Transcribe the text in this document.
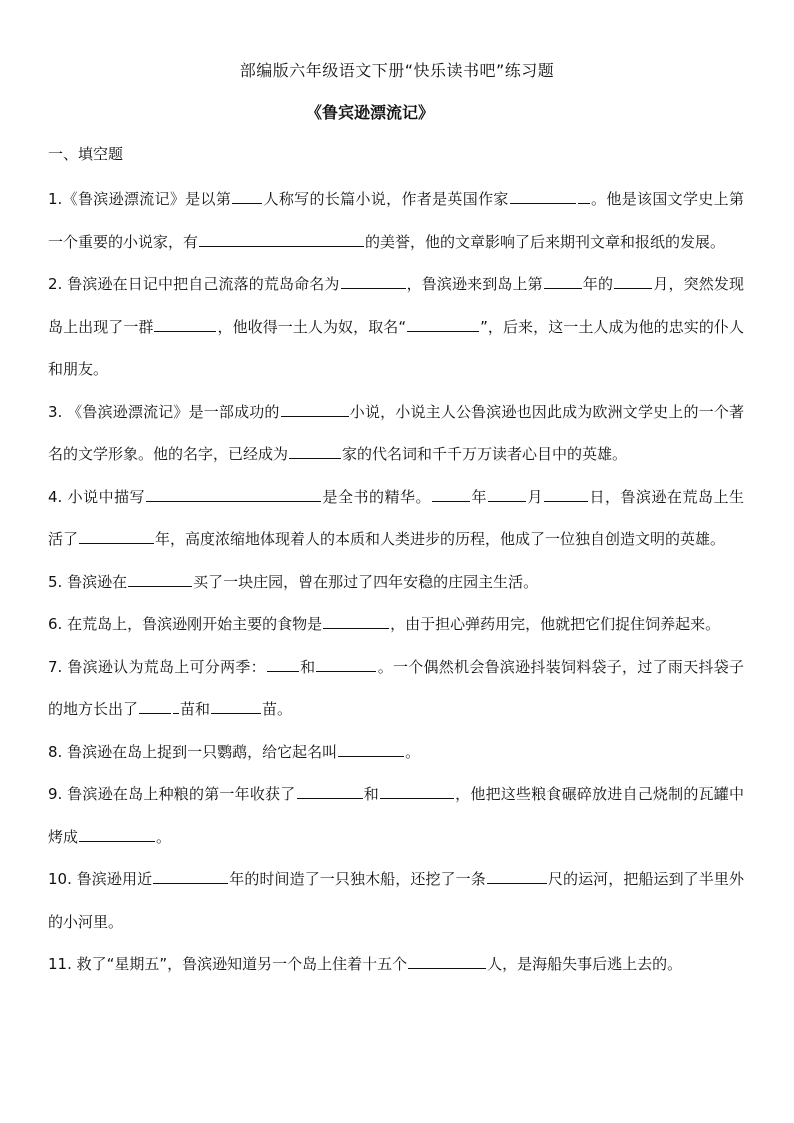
部编版六年级语文下册“快乐读书吧”练习题
《鲁宾逊漂流记》
一、填空题

1.《鲁滨逊漂流记》是以第 人称写的长篇小说，作者是英国作家	。他是该国文学史上第一个重要的小说家，有	的美誉，他的文章影响了后来期刊文章和报纸的发展。

2. 鲁滨逊在日记中把自己流落的荒岛命名为	，鲁滨逊来到岛上第	年的	月，突然发现岛上出现了一群	，他收得一土人为奴，取名“	”，后来，这一土人成为他的忠实的仆人和朋友。

3. 《鲁滨逊漂流记》是一部成功的	小说，小说主人公鲁滨逊也因此成为欧洲文学史上的一个著名的文学形象。他的名字，已经成为	家的代名词和千千万万读者心目中的英雄。

4. 小说中描写	是全书的精华。	年	月	日，鲁滨逊在荒岛上生活了	年，高度浓缩地体现着人的本质和人类进步的历程，他成了一位独自创造文明的英雄。

5. 鲁滨逊在	买了一块庄园，曾在那过了四年安稳的庄园主生活。

6. 在荒岛上，鲁滨逊刚开始主要的食物是	，由于担心弹药用完，他就把它们捉住饲养起来。

7. 鲁滨逊认为荒岛上可分两季： 和	。一个偶然机会鲁滨逊抖装饲料袋子，过了雨天抖袋子的地方长出了	苗和	苗。

8. 鲁滨逊在岛上捉到一只鹦鹉，给它起名叫	。

9. 鲁滨逊在岛上种粮的第一年收获了	和	，他把这些粮食碾碎放进自己烧制的瓦罐中烤成	。

10. 鲁滨逊用近	年的时间造了一只独木船，还挖了一条	尺的运河，把船运到了半里外的小河里。

11. 救了“星期五”，鲁滨逊知道另一个岛上住着十五个	人，是海船失事后逃上去的。
